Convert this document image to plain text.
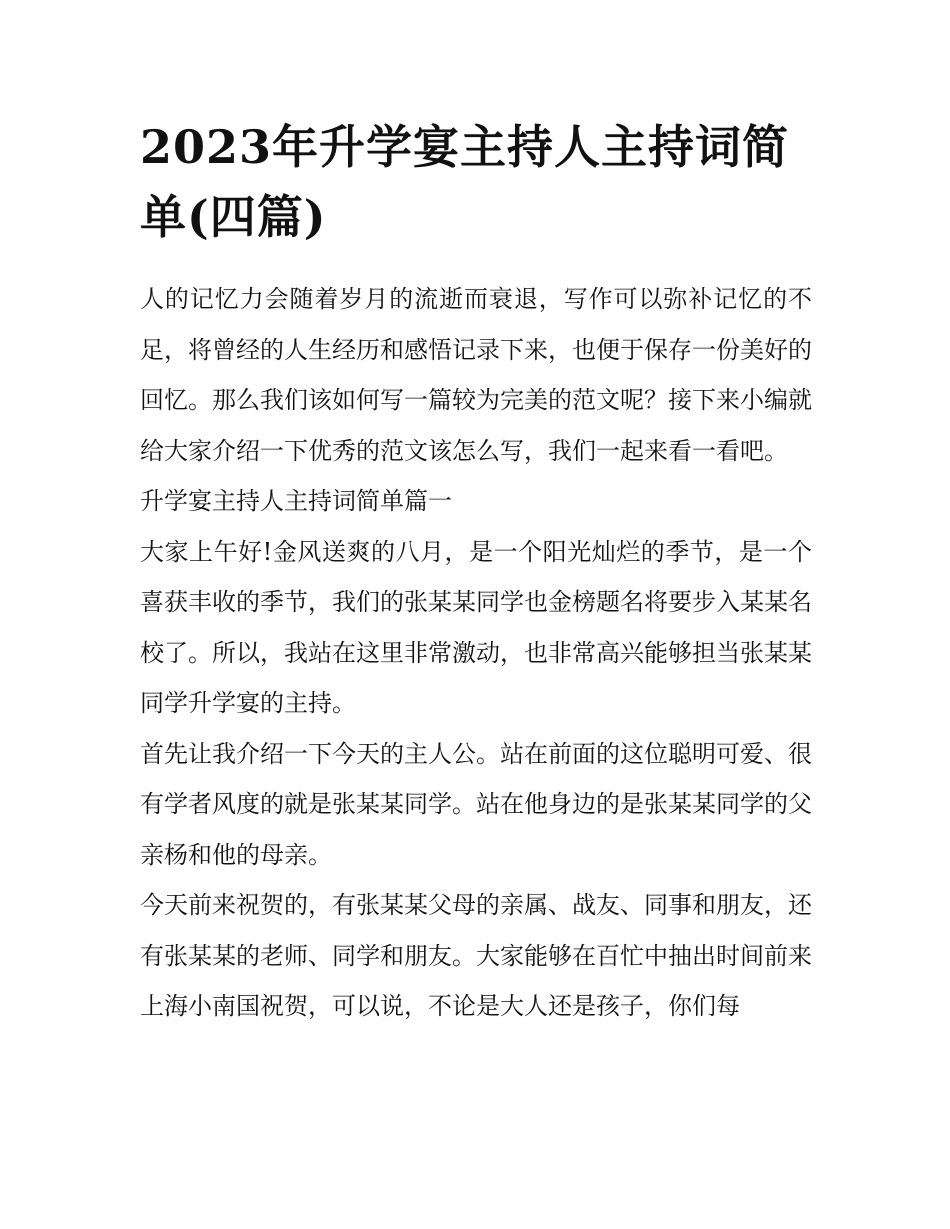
2023年升学宴主持人主持词简单(四篇)

人的记忆力会随着岁月的流逝而衰退，写作可以弥补记忆的不足，将曾经的人生经历和感悟记录下来，也便于保存一份美好的回忆。那么我们该如何写一篇较为完美的范文呢？接下来小编就给大家介绍一下优秀的范文该怎么写，我们一起来看一看吧。

升学宴主持人主持词简单篇一

大家上午好!金风送爽的八月，是一个阳光灿烂的季节，是一个喜获丰收的季节，我们的张某某同学也金榜题名将要步入某某名校了。所以，我站在这里非常激动，也非常高兴能够担当张某某同学升学宴的主持。

首先让我介绍一下今天的主人公。站在前面的这位聪明可爱、很有学者风度的就是张某某同学。站在他身边的是张某某同学的父亲杨和他的母亲。

今天前来祝贺的，有张某某父母的亲属、战友、同事和朋友，还有张某某的老师、同学和朋友。大家能够在百忙中抽出时间前来上海小南国祝贺，可以说，不论是大人还是孩子，你们每
